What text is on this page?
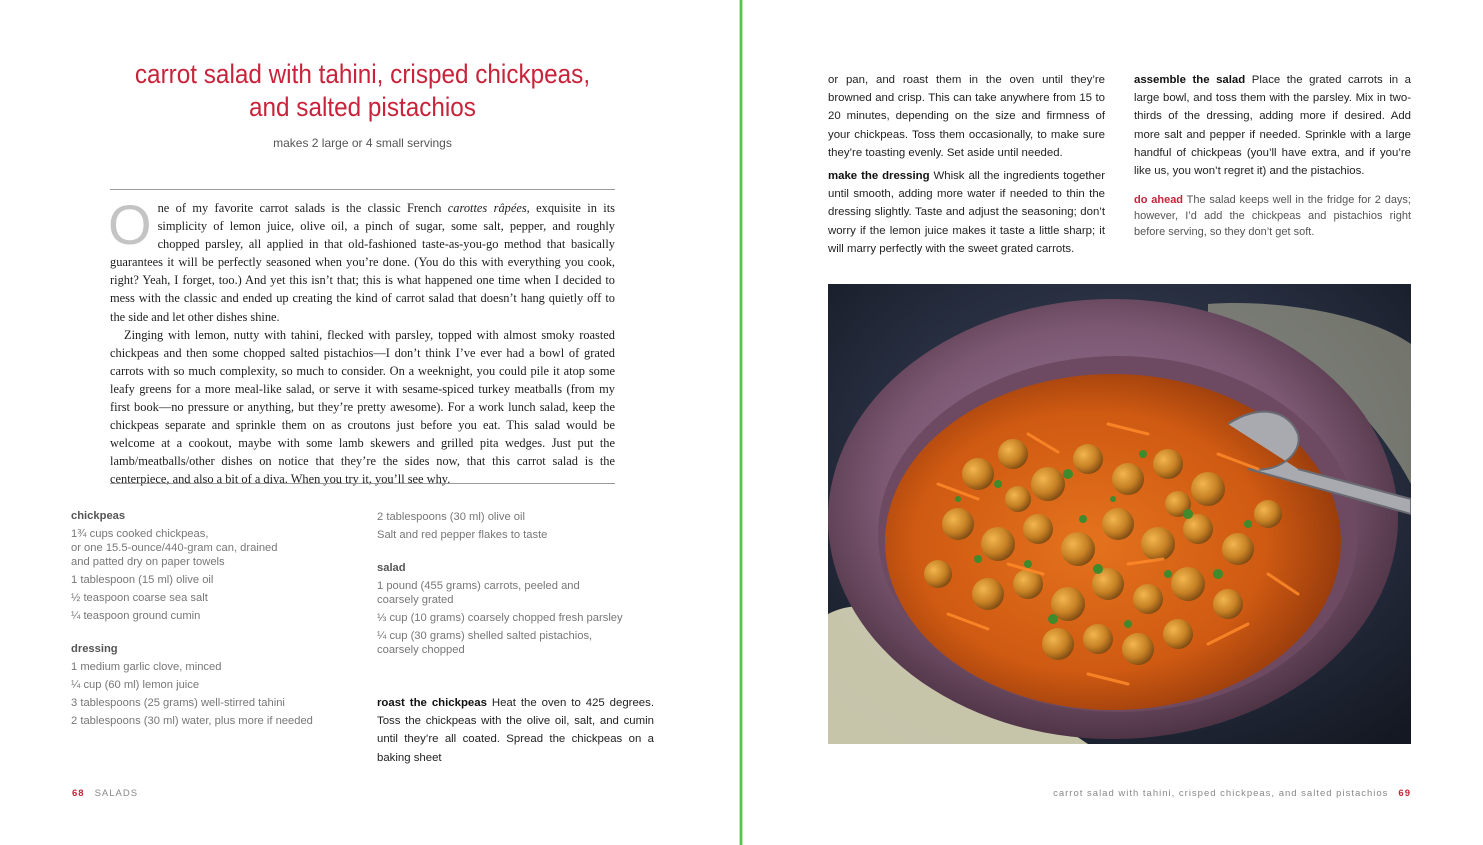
carrot salad with tahini, crisped chickpeas,
and salted pistachios
makes 2 large or 4 small servings

One of my favorite carrot salads is the classic French carottes râpées, exquisite in its simplicity of lemon juice, olive oil, a pinch of sugar, some salt, pepper, and roughly chopped parsley, all applied in that old-fashioned taste-as-you-go method that basically guarantees it will be perfectly seasoned when you’re done. (You do this with everything you cook, right? Yeah, I forget, too.) And yet this isn’t that; this is what happened one time when I decided to mess with the classic and ended up creating the kind of carrot salad that doesn’t hang quietly off to the side and let other dishes shine.

Zinging with lemon, nutty with tahini, flecked with parsley, topped with almost smoky roasted chickpeas and then some chopped salted pistachios—I don’t think I’ve ever had a bowl of grated carrots with so much complexity, so much to consider. On a weeknight, you could pile it atop some leafy greens for a more meal-like salad, or serve it with sesame-spiced turkey meatballs (from my first book—no pressure or anything, but they’re pretty awesome). For a work lunch salad, keep the chickpeas separate and sprinkle them on as croutons just before you eat. This salad would be welcome at a cookout, maybe with some lamb skewers and grilled pita wedges. Just put the lamb/meatballs/other dishes on notice that they’re the sides now, that this carrot salad is the centerpiece, and also a bit of a diva. When you try it, you’ll see why.

chickpeas
1¾ cups cooked chickpeas,
or one 15.5-ounce/440-gram can, drained
and patted dry on paper towels
1 tablespoon (15 ml) olive oil
½ teaspoon coarse sea salt
¼ teaspoon ground cumin
dressing
1 medium garlic clove, minced
¼ cup (60 ml) lemon juice
3 tablespoons (25 grams) well-stirred tahini
2 tablespoons (30 ml) water, plus more if needed
2 tablespoons (30 ml) olive oil
Salt and red pepper flakes to taste
salad
1 pound (455 grams) carrots, peeled and
coarsely grated
⅓ cup (10 grams) coarsely chopped fresh parsley
¼ cup (30 grams) shelled salted pistachios,
coarsely chopped

roast the chickpeas Heat the oven to 425 degrees. Toss the chickpeas with the olive oil, salt, and cumin until they’re all coated. Spread the chickpeas on a baking sheet

68 SALADS

or pan, and roast them in the oven until they’re browned and crisp. This can take anywhere from 15 to 20 minutes, depending on the size and firmness of your chickpeas. Toss them occasionally, to make sure they’re toasting evenly. Set aside until needed.

make the dressing Whisk all the ingredients together until smooth, adding more water if needed to thin the dressing slightly. Taste and adjust the seasoning; don’t worry if the lemon juice makes it taste a little sharp; it will marry perfectly with the sweet grated carrots.

assemble the salad Place the grated carrots in a large bowl, and toss them with the parsley. Mix in two-thirds of the dressing, adding more if desired. Add more salt and pepper if needed. Sprinkle with a large handful of chickpeas (you’ll have extra, and if you’re like us, you won’t regret it) and the pistachios.

do ahead The salad keeps well in the fridge for 2 days; however, I’d add the chickpeas and pistachios right before serving, so they don’t get soft.

carrot salad with tahini, crisped chickpeas, and salted pistachios 69
